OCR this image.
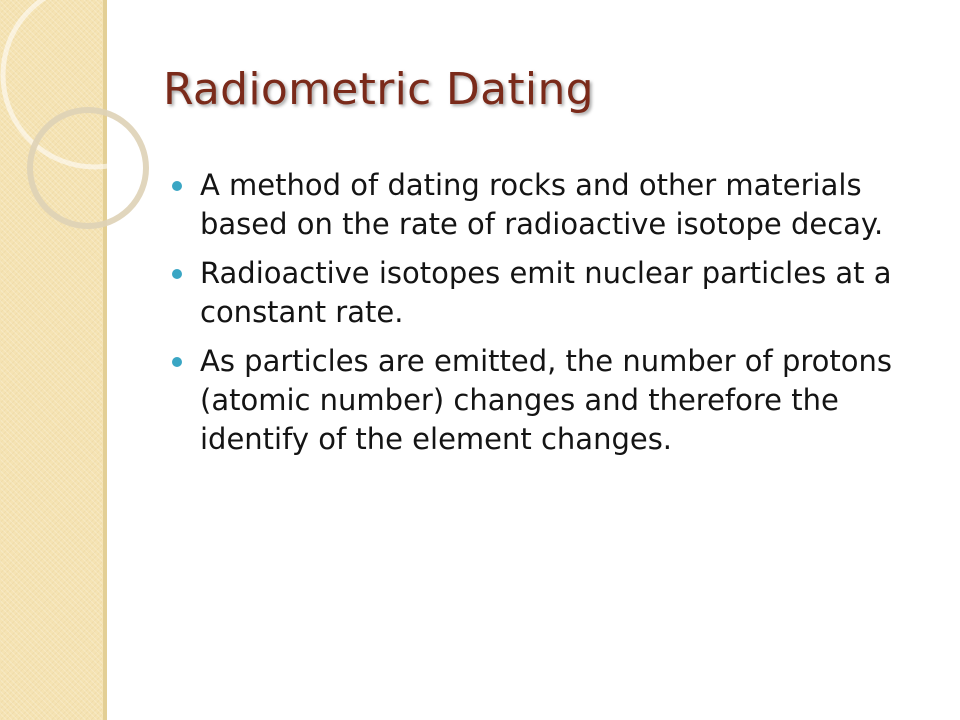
Radiometric Dating
A method of dating rocks and other materials based on the rate of radioactive isotope decay.
Radioactive isotopes emit nuclear particles at a constant rate.
As particles are emitted, the number of protons (atomic number) changes and therefore the identify of the element changes.
